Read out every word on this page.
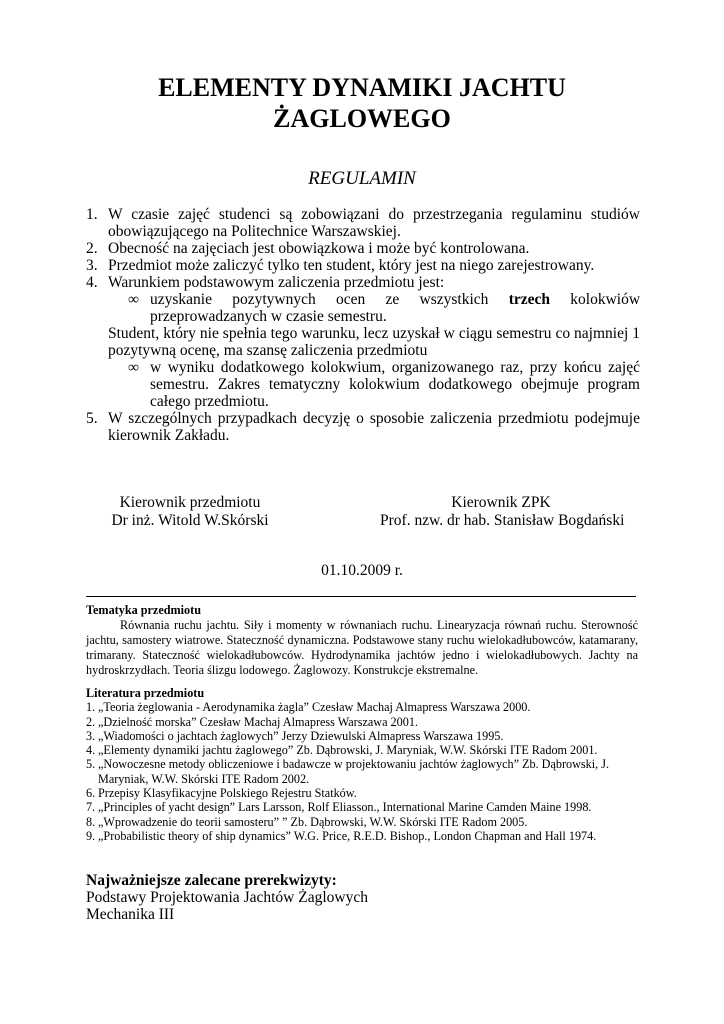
ELEMENTY DYNAMIKI JACHTU
ŻAGLOWEGO
REGULAMIN
1. W czasie zajęć studenci są zobowiązani do przestrzegania regulaminu studiów obowiązującego na Politechnice Warszawskiej.
2. Obecność na zajęciach jest obowiązkowa i może być kontrolowana.
3. Przedmiot może zaliczyć tylko ten student, który jest na niego zarejestrowany.
4. Warunkiem podstawowym zaliczenia przedmiotu jest:
∞ uzyskanie pozytywnych ocen ze wszystkich trzech kolokwiów przeprowadzanych w czasie semestru.
Student, który nie spełnia tego warunku, lecz uzyskał w ciągu semestru co najmniej 1 pozytywną ocenę, ma szansę zaliczenia przedmiotu
∞ w wyniku dodatkowego kolokwium, organizowanego raz, przy końcu zajęć semestru. Zakres tematyczny kolokwium dodatkowego obejmuje program całego przedmiotu.
5. W szczególnych przypadkach decyzję o sposobie zaliczenia przedmiotu podejmuje kierownik Zakładu.
Kierownik przedmiotu
Dr inż. Witold W.Skórski
Kierownik ZPK
Prof. nzw. dr hab. Stanisław Bogdański
01.10.2009 r.
Tematyka przedmiotu
Równania ruchu jachtu. Siły i momenty w równaniach ruchu. Linearyzacja równań ruchu. Sterowność jachtu, samostery wiatrowe. Stateczność dynamiczna. Podstawowe stany ruchu wielokadłubowców, katamarany, trimarany. Stateczność wielokadłubowców. Hydrodynamika jachtów jedno i wielokadłubowych. Jachty na hydroskrzydłach. Teoria ślizgu lodowego. Żaglowozy. Konstrukcje ekstremalne.
Literatura przedmiotu
1. „Teoria żeglowania - Aerodynamika żagla” Czesław Machaj Almapress Warszawa 2000.
2. „Dzielność morska” Czesław Machaj Almapress Warszawa 2001.
3. „Wiadomości o jachtach żaglowych” Jerzy Dziewulski Almapress Warszawa 1995.
4. „Elementy dynamiki jachtu żaglowego” Zb. Dąbrowski, J. Maryniak, W.W. Skórski ITE Radom 2001.
5. „Nowoczesne metody obliczeniowe i badawcze w projektowaniu jachtów żaglowych” Zb. Dąbrowski, J. Maryniak, W.W. Skórski ITE Radom 2002.
6. Przepisy Klasyfikacyjne Polskiego Rejestru Statków.
7. „Principles of yacht design” Lars Larsson, Rolf Eliasson., International Marine Camden Maine 1998.
8. „Wprowadzenie do teorii samosteru” ” Zb. Dąbrowski, W.W. Skórski ITE Radom 2005.
9. „Probabilistic theory of ship dynamics” W.G. Price, R.E.D. Bishop., London Chapman and Hall 1974.
Najważniejsze zalecane prerekwizyty:
Podstawy Projektowania Jachtów Żaglowych
Mechanika III
